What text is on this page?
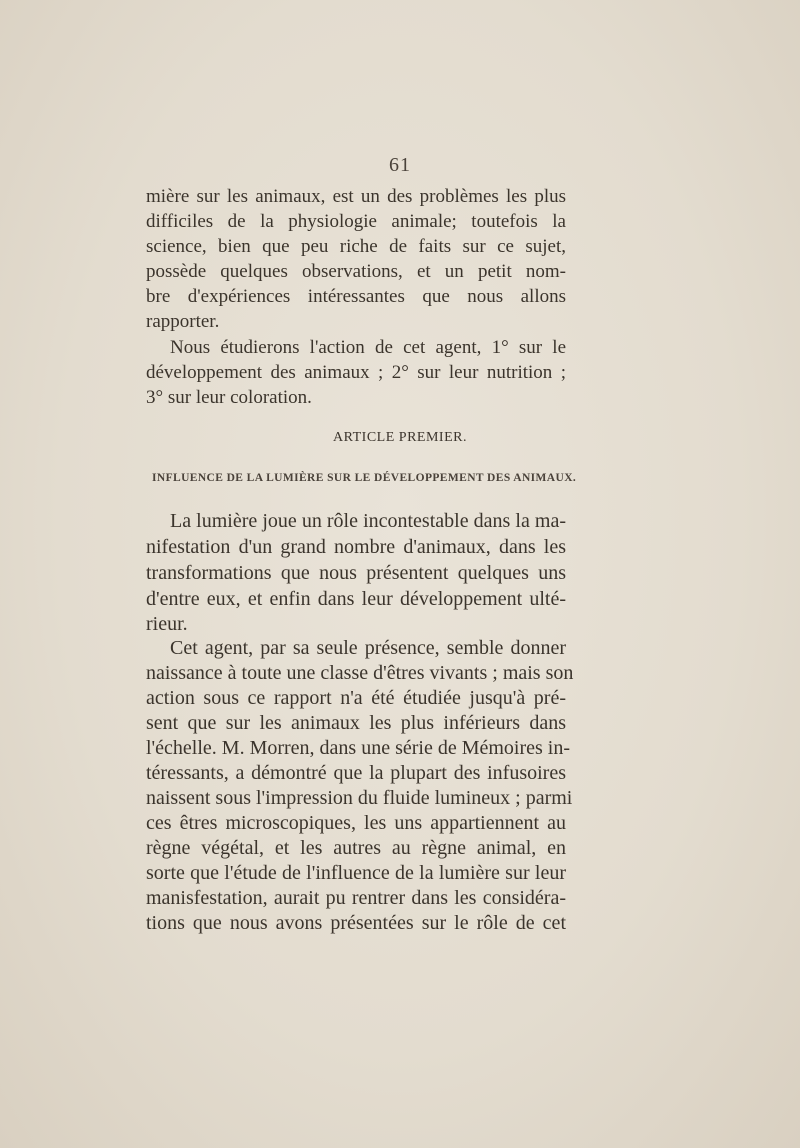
61
mière sur les animaux, est un des problèmes les plus
difficiles de la physiologie animale; toutefois la
science, bien que peu riche de faits sur ce sujet,
possède quelques observations, et un petit nom-
bre d'expériences intéressantes que nous allons
rapporter.
Nous étudierons l'action de cet agent, 1° sur le
développement des animaux ; 2° sur leur nutrition ;
3° sur leur coloration.
ARTICLE PREMIER.
INFLUENCE DE LA LUMIÈRE SUR LE DÉVELOPPEMENT DES ANIMAUX.
La lumière joue un rôle incontestable dans la ma-
nifestation d'un grand nombre d'animaux, dans les
transformations que nous présentent quelques uns
d'entre eux, et enfin dans leur développement ulté-
rieur.
Cet agent, par sa seule présence, semble donner
naissance à toute une classe d'êtres vivants ; mais son
action sous ce rapport n'a été étudiée jusqu'à pré-
sent que sur les animaux les plus inférieurs dans
l'échelle. M. Morren, dans une série de Mémoires in-
téressants, a démontré que la plupart des infusoires
naissent sous l'impression du fluide lumineux ; parmi
ces êtres microscopiques, les uns appartiennent au
règne végétal, et les autres au règne animal, en
sorte que l'étude de l'influence de la lumière sur leur
manisfestation, aurait pu rentrer dans les considéra-
tions que nous avons présentées sur le rôle de cet
